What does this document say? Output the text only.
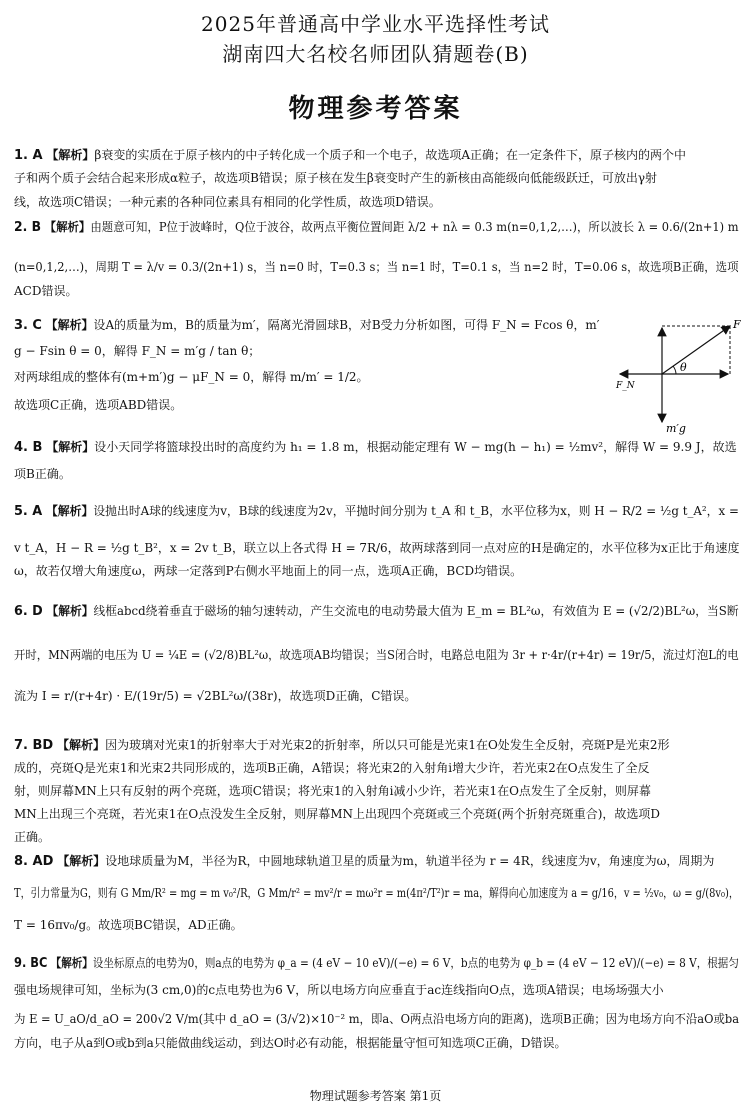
2025年普通高中学业水平选择性考试
湖南四大名校名师团队猜题卷(B)
物理参考答案
1. A 【解析】β衰变的实质在于原子核内的中子转化成一个质子和一个电子，故选项A正确；在一定条件下，原子核内的两个中
子和两个质子会结合起来形成α粒子，故选项B错误；原子核在发生β衰变时产生的新核由高能级向低能级跃迁，可放出γ射
线，故选项C错误；一种元素的各种同位素具有相同的化学性质，故选项D错误。
2. B 【解析】由题意可知，P位于波峰时，Q位于波谷，故两点平衡位置间距 λ/2 + nλ = 0.3 m(n=0,1,2,…)，所以波长 λ = 0.6/(2n+1) m
(n=0,1,2,…)，周期 T = λ/v = 0.3/(2n+1) s，当 n=0 时，T=0.3 s；当 n=1 时，T=0.1 s，当 n=2 时，T=0.06 s，故选项B正确，选项
ACD错误。
3. C 【解析】设A的质量为m，B的质量为m′，隔离光滑圆球B，对B受力分析如图，可得 F_N = Fcos θ，m′
g − Fsin θ = 0，解得 F_N = m′g / tan θ；
对两球组成的整体有(m+m′)g − μF_N = 0，解得 m/m′ = 1/2。
故选项C正确，选项ABD错误。
4. B 【解析】设小天同学将篮球投出时的高度约为 h₁ = 1.8 m，根据动能定理有 W − mg(h − h₁) = ½mv²，解得 W = 9.9 J，故选
项B正确。
5. A 【解析】设抛出时A球的线速度为v，B球的线速度为2v，平抛时间分别为 t_A 和 t_B，水平位移为x，则 H − R/2 = ½g t_A²，x =
v t_A，H − R = ½g t_B²，x = 2v t_B，联立以上各式得 H = 7R/6，故两球落到同一点对应的H是确定的，水平位移为x正比于角速度
ω，故若仅增大角速度ω，两球一定落到P右侧水平地面上的同一点，选项A正确，BCD均错误。
6. D 【解析】线框abcd绕着垂直于磁场的轴匀速转动，产生交流电的电动势最大值为 E_m = BL²ω，有效值为 E = (√2/2)BL²ω，当S断
开时，MN两端的电压为 U = ¼E = (√2/8)BL²ω，故选项AB均错误；当S闭合时，电路总电阻为 3r + r·4r/(r+4r) = 19r/5，流过灯泡L的电
流为 I = r/(r+4r) · E/(19r/5) = √2BL²ω/(38r)，故选项D正确，C错误。
7. BD 【解析】因为玻璃对光束1的折射率大于对光束2的折射率，所以只可能是光束1在O处发生全反射，亮斑P是光束2形
成的，亮斑Q是光束1和光束2共同形成的，选项B正确，A错误；将光束2的入射角i增大少许，若光束2在O点发生了全反
射，则屏幕MN上只有反射的两个亮斑，选项C错误；将光束1的入射角i减小少许，若光束1在O点发生了全反射，则屏幕
MN上出现三个亮斑，若光束1在O点没发生全反射，则屏幕MN上出现四个亮斑或三个亮斑(两个折射亮斑重合)，故选项D
正确。
8. AD 【解析】设地球质量为M，半径为R，中圆地球轨道卫星的质量为m，轨道半径为 r = 4R，线速度为v，角速度为ω，周期为
T，引力常量为G，则有 G Mm/R² = mg = m v₀²/R，G Mm/r² = mv²/r = mω²r = m(4π²/T²)r = ma，解得向心加速度为 a = g/16，v = ½v₀，ω = g/(8v₀)，
T = 16πv₀/g。故选项BC错误，AD正确。
9. BC 【解析】设坐标原点的电势为0，则a点的电势为 φ_a = (4 eV − 10 eV)/(−e) = 6 V，b点的电势为 φ_b = (4 eV − 12 eV)/(−e) = 8 V，根据匀
强电场规律可知，坐标为(3 cm,0)的c点电势也为6 V，所以电场方向应垂直于ac连线指向O点，选项A错误；电场场强大小
为 E = U_aO/d_aO = 200√2 V/m(其中 d_aO = (3/√2)×10⁻² m，即a、O两点沿电场方向的距离)，选项B正确；因为电场方向不沿aO或ba
方向，电子从a到O或b到a只能做曲线运动，到达O时必有动能，根据能量守恒可知选项C正确，D错误。
F
F_N
θ
m′g
物理试题参考答案 第1页
